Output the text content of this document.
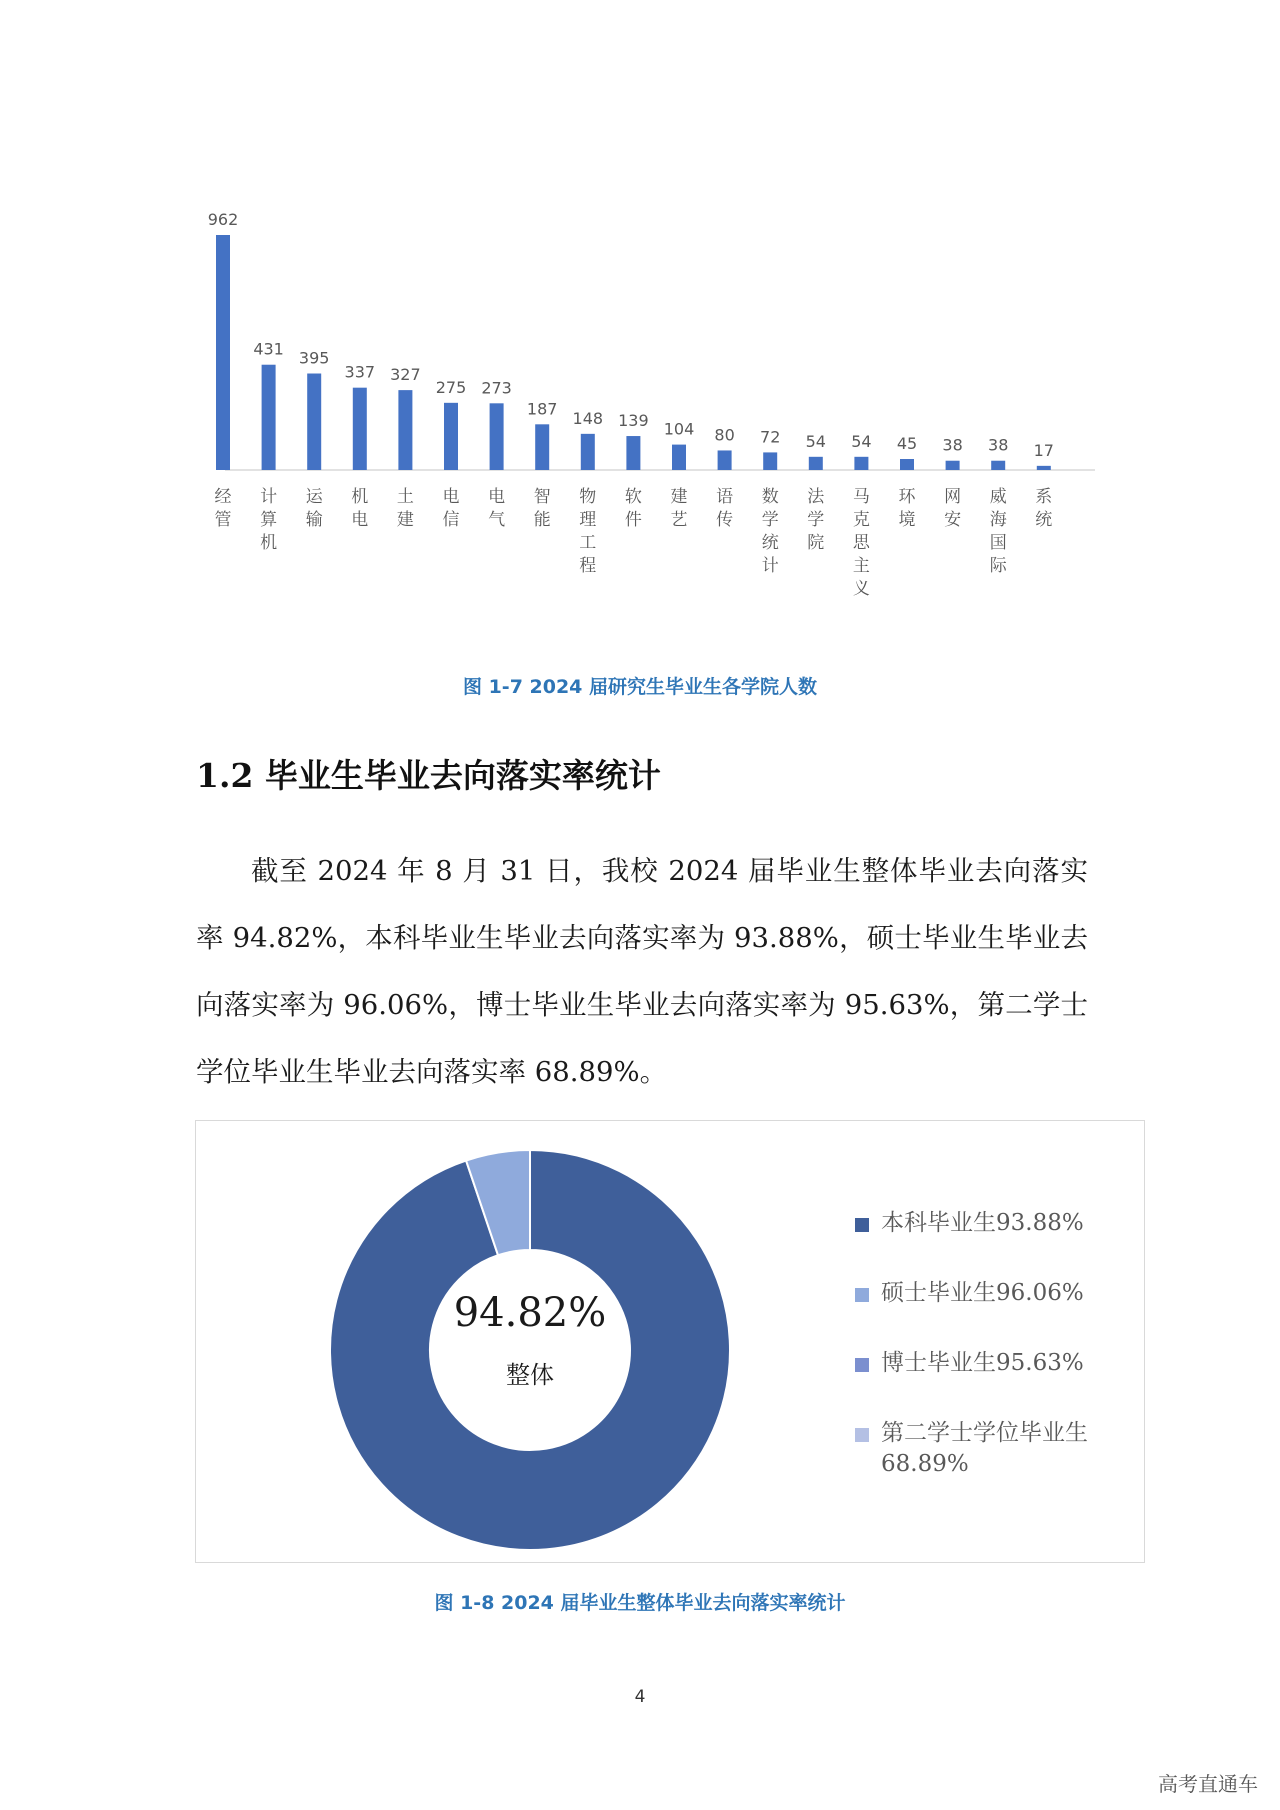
962
经管
431
计算机
395
运输
337
机电
327
土建
275
电信
273
电气
187
智能
148
物理工程
139
软件
104
建艺
80
语传
72
数学统计
54
法学院
54
马克思主义
45
环境
38
网安
38
威海国际
17
系统
图 1-7 2024 届研究生毕业生各学院人数
1.2 毕业生毕业去向落实率统计
截至 2024 年 8 月 31 日，我校 2024 届毕业生整体毕业去向落实率 94.82%，本科毕业生毕业去向落实率为 93.88%，硕士毕业生毕业去向落实率为 96.06%，博士毕业生毕业去向落实率为 95.63%，第二学士学位毕业生毕业去向落实率 68.89%。
94.82%
整体
本科毕业生93.88%
硕士毕业生96.06%
博士毕业生95.63%
第二学士学位毕业生68.89%
图 1-8 2024 届毕业生整体毕业去向落实率统计
4
高考直通车
